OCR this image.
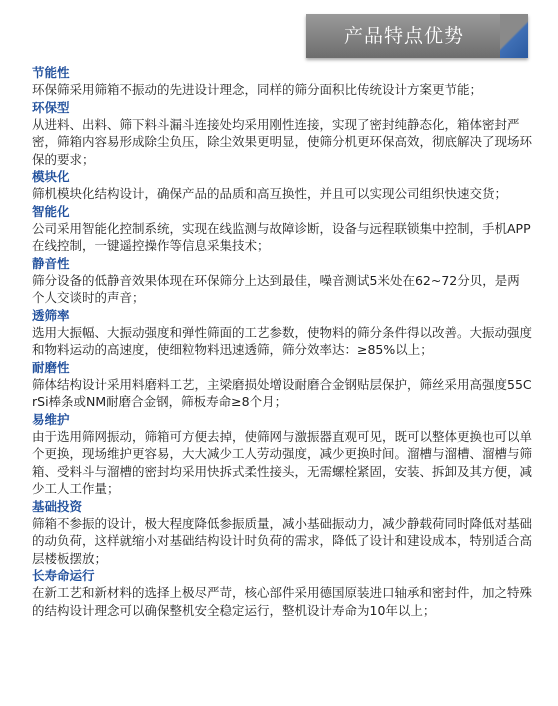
产品特点优势
节能性
环保筛采用筛箱不振动的先进设计理念，同样的筛分面积比传统设计方案更节能；
环保型
从进料、出料、筛下料斗漏斗连接处均采用刚性连接，实现了密封纯静态化，箱体密封严密，筛箱内容易形成除尘负压，除尘效果更明显，使筛分机更环保高效，彻底解决了现场环保的要求；
模块化
筛机模块化结构设计，确保产品的品质和高互换性，并且可以实现公司组织快速交货；
智能化
公司采用智能化控制系统，实现在线监测与故障诊断，设备与远程联锁集中控制，手机APP在线控制，一键遥控操作等信息采集技术；
静音性
筛分设备的低静音效果体现在环保筛分上达到最佳，噪音测试5米处在62~72分贝，是两个人交谈时的声音；
透筛率
选用大振幅、大振动强度和弹性筛面的工艺参数，使物料的筛分条件得以改善。大振动强度和物料运动的高速度，使细粒物料迅速透筛，筛分效率达：≥85%以上；
耐磨性
筛体结构设计采用料磨料工艺，主梁磨损处增设耐磨合金钢贴层保护，筛丝采用高强度55CrSi棒条或NM耐磨合金钢，筛板寿命≥8个月；
易维护
由于选用筛网振动，筛箱可方便去掉，使筛网与激振器直观可见，既可以整体更换也可以单个更换，现场维护更容易，大大减少工人劳动强度，减少更换时间。溜槽与溜槽、溜槽与筛箱、受料斗与溜槽的密封均采用快拆式柔性接头，无需螺栓紧固，安装、拆卸及其方便，减少工人工作量；
基础投资
筛箱不参振的设计，极大程度降低参振质量，减小基础振动力，减少静载荷同时降低对基础的动负荷，这样就缩小对基础结构设计时负荷的需求，降低了设计和建设成本，特别适合高层楼板摆放；
长寿命运行
在新工艺和新材料的选择上极尽严苛，核心部件采用德国原装进口轴承和密封件，加之特殊的结构设计理念可以确保整机安全稳定运行，整机设计寿命为10年以上；
